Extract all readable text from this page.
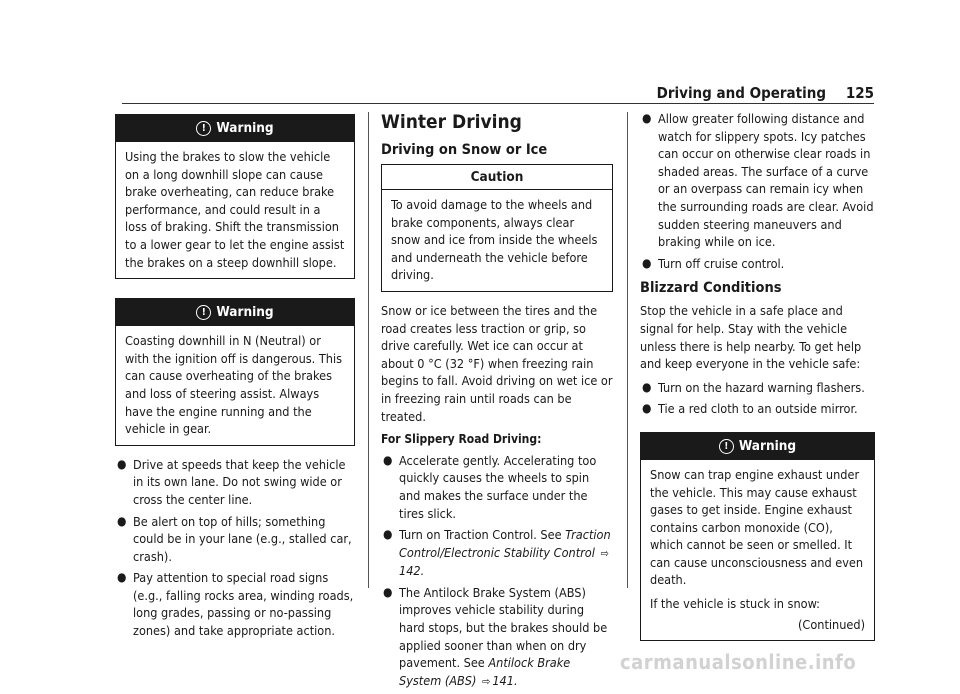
Driving and Operating 125
! Warning

Using the brakes to slow the vehicle on a long downhill slope can cause brake overheating, can reduce brake performance, and could result in a loss of braking. Shift the transmission to a lower gear to let the engine assist the brakes on a steep downhill slope.

! Warning

Coasting downhill in N (Neutral) or with the ignition off is dangerous. This can cause overheating of the brakes and loss of steering assist. Always have the engine running and the vehicle in gear.

● Drive at speeds that keep the vehicle in its own lane. Do not swing wide or cross the center line.
● Be alert on top of hills; something could be in your lane (e.g., stalled car, crash).
● Pay attention to special road signs (e.g., falling rocks area, winding roads, long grades, passing or no-passing zones) and take appropriate action.
Winter Driving
Driving on Snow or Ice
Caution

To avoid damage to the wheels and brake components, always clear snow and ice from inside the wheels and underneath the vehicle before driving.

Snow or ice between the tires and the road creates less traction or grip, so drive carefully. Wet ice can occur at about 0 °C (32 °F) when freezing rain begins to fall. Avoid driving on wet ice or in freezing rain until roads can be treated.

For Slippery Road Driving:
● Accelerate gently. Accelerating too quickly causes the wheels to spin and makes the surface under the tires slick.
● Turn on Traction Control. See Traction Control/Electronic Stability Control ⇨142.
● The Antilock Brake System (ABS) improves vehicle stability during hard stops, but the brakes should be applied sooner than when on dry pavement. See Antilock Brake System (ABS) ⇨ 141.
● Allow greater following distance and watch for slippery spots. Icy patches can occur on otherwise clear roads in shaded areas. The surface of a curve or an overpass can remain icy when the surrounding roads are clear. Avoid sudden steering maneuvers and braking while on ice.
● Turn off cruise control.
Blizzard Conditions

Stop the vehicle in a safe place and signal for help. Stay with the vehicle unless there is help nearby. To get help and keep everyone in the vehicle safe:

● Turn on the hazard warning flashers.
● Tie a red cloth to an outside mirror.
! Warning

Snow can trap engine exhaust under the vehicle. This may cause exhaust gases to get inside. Engine exhaust contains carbon monoxide (CO), which cannot be seen or smelled. It can cause unconsciousness and even death.

If the vehicle is stuck in snow:

(Continued)
carmanualsonline.info
